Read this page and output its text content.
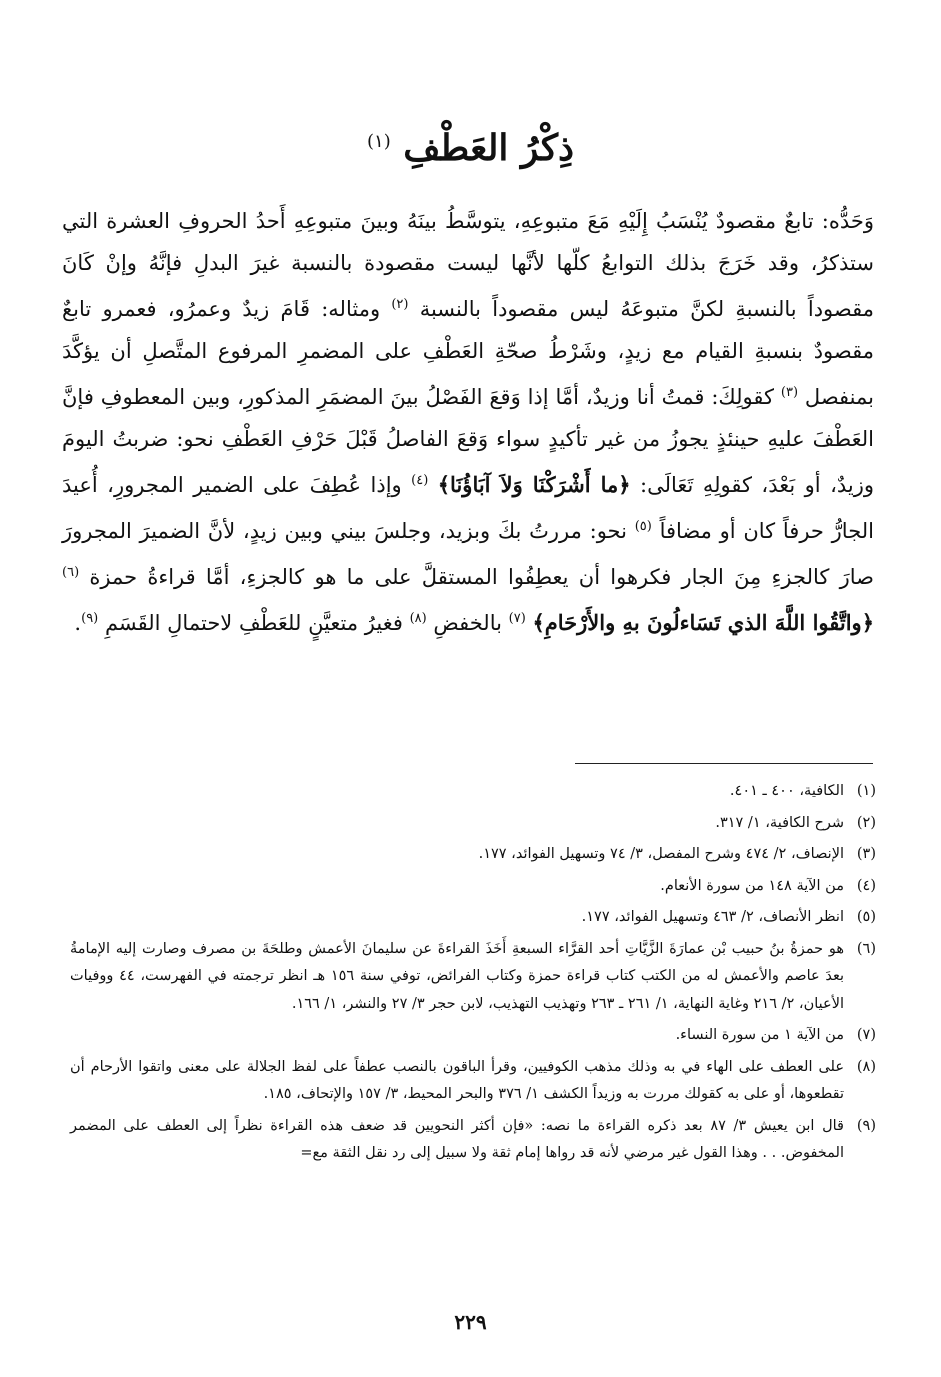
ذِكْرُ العَطْفِ $^{(١)}$

وَحَدُّه: تابعٌ مقصودٌ يُنْسَبُ إِلَيْهِ مَعَ متبوعِهِ، يتوسَّطُ بينَهُ وبينَ متبوعِهِ أَحدُ الحروفِ العشرة التي ستذكرُ، وقد خَرَجَ بذلك التوابعُ كلّها لأنَّها ليست مقصودة بالنسبة غيرَ البدلِ فإنَّهُ وإنْ كَانَ مقصوداً بالنسبةِ لكنَّ متبوعَهُ ليس مقصوداً بالنسبة $^{(٢)}$ ومثاله: قَامَ زيدٌ وعمرُو، فعمرو تابعٌ مقصودٌ بنسبةِ القيام مع زيدٍ، وشَرْطُ صحّةِ العَطْفِ على المضمرِ المرفوع المتَّصلِ أن يؤكَّدَ بمنفصل $^{(٣)}$ كقولِكَ: قمتُ أنا وزيدٌ، أمَّا إذا وَقعَ الفَصْلُ بينَ المضمَرِ المذكورِ، وبين المعطوفِ فإنَّ العَطْفَ عليهِ حينئذٍ يجوزُ من غير تأكيدٍ سواء وَقعَ الفاصلُ قَبْلَ حَرْفِ العَطْفِ نحو: ضربتُ اليومَ وزيدٌ، أو بَعْدَ، كقولِهِ تَعَالَى: ﴿ما أَشْرَكْنَا وَلاَ آبَاؤُنَا﴾ $^{(٤)}$ وإذا عُطِفَ على الضمير المجرورِ، أُعيدَ الجارُّ حرفاً كان أو مضافاً $^{(٥)}$ نحو: مررتُ بكَ وبزيد، وجلسَ بيني وبين زيدٍ، لأنَّ الضميرَ المجرورَ صارَ كالجزءِ مِنَ الجار فكرهوا أن يعطِفُوا المستقلَّ على ما هو كالجزءِ، أمَّا قراءةُ حمزة $^{(٦)}$ ﴿واتَّقُوا اللَّهَ الذي تَسَاءلُونَ بهِ والأَرْحَامِ﴾ $^{(٧)}$ بالخفضِ $^{(٨)}$ فغيرُ متعيَّنٍ للعَطْفِ لاحتمالِ القَسَمِ $^{(٩)}$.

(١)
الكافية، ٤٠٠ ـ ٤٠١.
(٢)
شرح الكافية، ١/ ٣١٧.
(٣)
الإنصاف، ٢/ ٤٧٤ وشرح المفصل، ٣/ ٧٤ وتسهيل الفوائد، ١٧٧.
(٤)
من الآية ١٤٨ من سورة الأنعام.
(٥)
انظر الأنصاف، ٢/ ٤٦٣ وتسهيل الفوائد، ١٧٧.
(٦)
هو حمزةُ بنُ حبيب بْن عمارَةَ الزَّيَّاتِ أحد القرَّاء السبعةِ أَخَذَ القراءةَ عن سليمانَ الأعمش وطلحَةَ بن مصرف وصارت إليه الإمامةُ بعدَ عاصم والأعمش له من الكتب كتاب قراءة حمزة وكتاب الفرائض، توفي سنة ١٥٦ هـ انظر ترجمته في الفهرست، ٤٤ ووفيات الأعيان، ٢/ ٢١٦ وغاية النهاية، ١/ ٢٦١ ـ ٢٦٣ وتهذيب التهذيب، لابن حجر ٣/ ٢٧ والنشر، ١/ ١٦٦.
(٧)
من الآية ١ من سورة النساء.
(٨)
على العطف على الهاء في به وذلك مذهب الكوفيين، وقرأ الباقون بالنصب عطفاً على لفظ الجلالة على معنى واتقوا الأرحام أن تقطعوها، أو على به كقولك مررت به وزيداً الكشف ١/ ٣٧٦ والبحر المحيط، ٣/ ١٥٧ والإتحاف، ١٨٥.
(٩)
قال ابن يعيش ٣/ ٨٧ بعد ذكره القراءة ما نصه: «فإن أكثر النحويين قد ضعف هذه القراءة نظراً إلى العطف على المضمر المخفوض. . . وهذا القول غير مرضي لأنه قد رواها إمام ثقة ولا سبيل إلى رد نقل الثقة مع=
٢٢٩
